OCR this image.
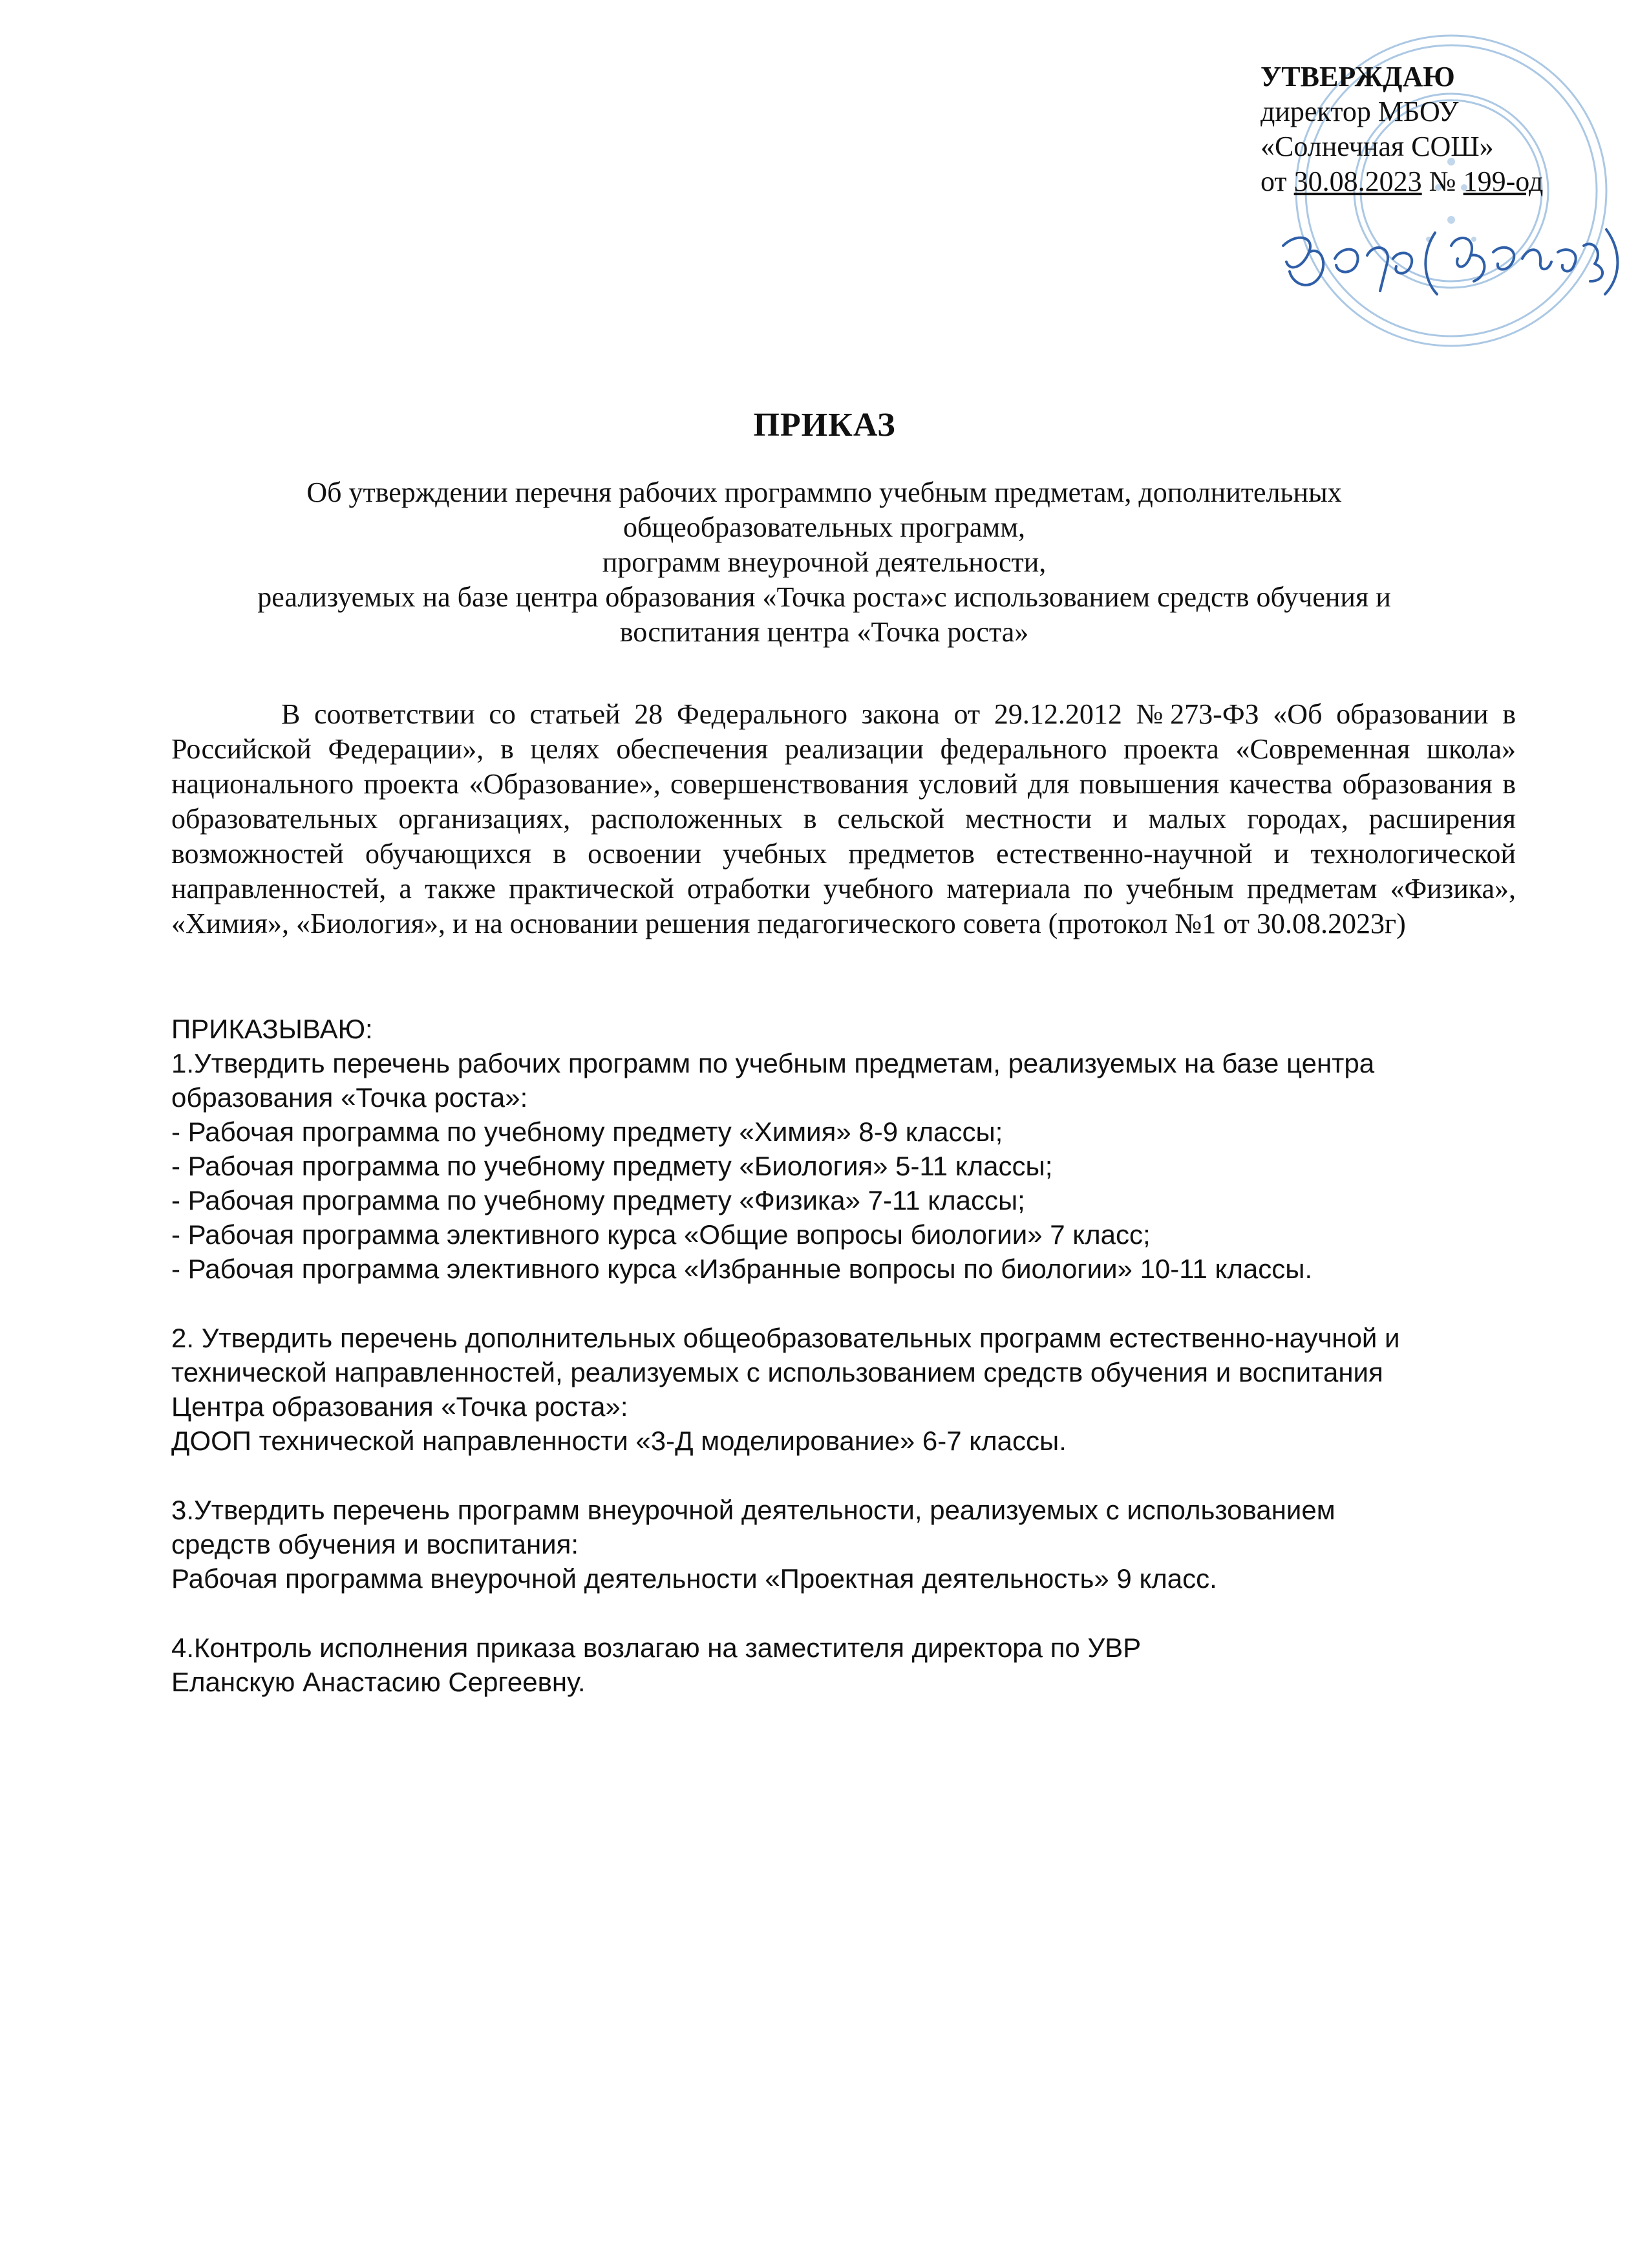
УТВЕРЖДАЮ
директор МБОУ
«Солнечная СОШ»
от 30.08.2023 № 199-од
ПРИКАЗ
Об утверждении перечня рабочих программпо учебным предметам, дополнительных
общеобразовательных программ,
программ внеурочной деятельности,
реализуемых на базе центра образования «Точка роста»с использованием средств обучения и
воспитания центра «Точка роста»
В соответствии со статьей 28 Федерального закона от 29.12.2012 №273-ФЗ «Об образовании в Российской Федерации», в целях обеспечения реализации федерального проекта «Современная школа» национального проекта «Образование», совершенствования условий для повышения качества образования в образовательных организациях, расположенных в сельской местности и малых городах, расширения возможностей обучающихся в освоении учебных предметов естественно-научной и технологической направленностей, а также практической отработки учебного материала по учебным предметам «Физика», «Химия», «Биология», и на основании решения педагогического совета (протокол №1 от 30.08.2023г)

ПРИКАЗЫВАЮ:

1.Утвердить перечень рабочих программ по учебным предметам, реализуемых на базе центра

образования «Точка роста»:

- Рабочая программа по учебному предмету «Химия» 8-9 классы;

- Рабочая программа по учебному предмету «Биология» 5-11 классы;

- Рабочая программа по учебному предмету «Физика» 7-11 классы;

- Рабочая программа элективного курса «Общие вопросы биологии» 7 класс;

- Рабочая программа элективного курса «Избранные вопросы по биологии» 10-11 классы.

2. Утвердить перечень дополнительных общеобразовательных программ естественно-научной и

технической направленностей, реализуемых с использованием средств обучения и воспитания

Центра образования «Точка роста»:

ДООП технической направленности «3-Д моделирование» 6-7 классы.

3.Утвердить перечень программ внеурочной деятельности, реализуемых с использованием

средств обучения и воспитания:

Рабочая программа внеурочной деятельности «Проектная деятельность» 9 класс.

4.Контроль исполнения приказа возлагаю на заместителя директора по УВР

Еланскую Анастасию Сергеевну.
